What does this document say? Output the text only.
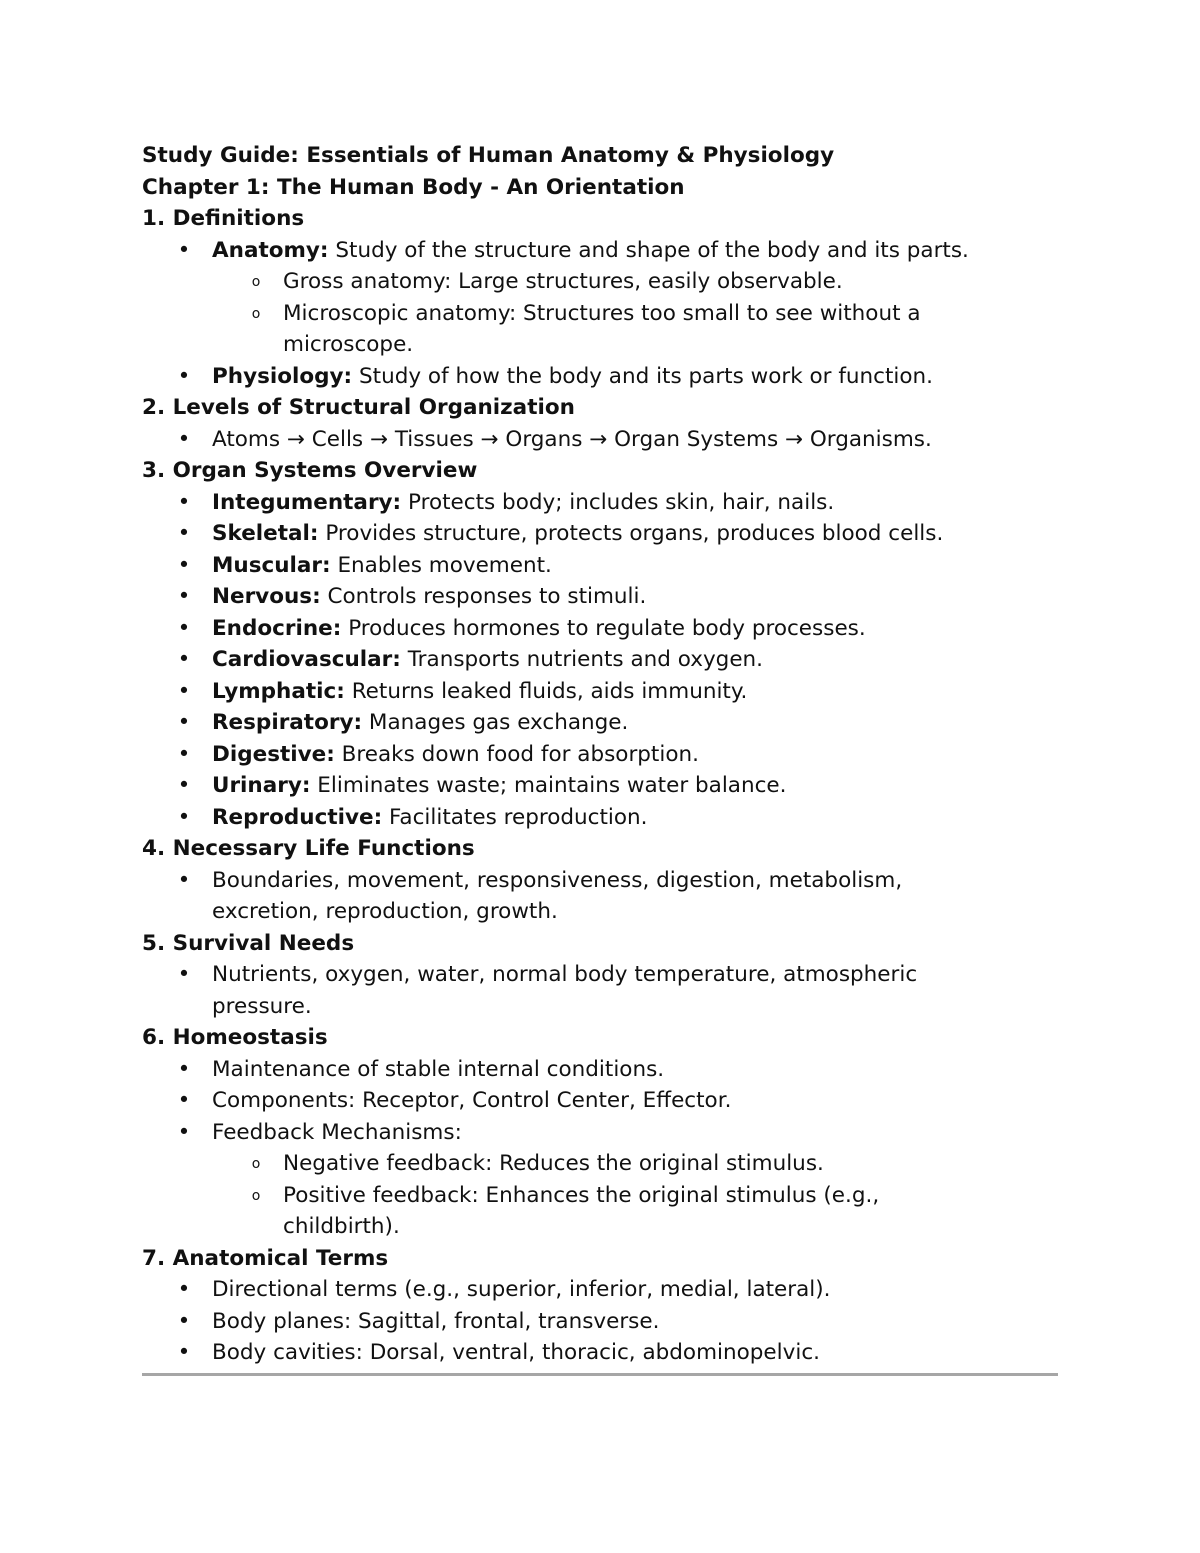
Study Guide: Essentials of Human Anatomy & Physiology
Chapter 1: The Human Body - An Orientation
1. Definitions
• Anatomy: Study of the structure and shape of the body and its parts.
o Gross anatomy: Large structures, easily observable.
o Microscopic anatomy: Structures too small to see without a
microscope.
• Physiology: Study of how the body and its parts work or function.
2. Levels of Structural Organization
• Atoms → Cells → Tissues → Organs → Organ Systems → Organisms.
3. Organ Systems Overview
• Integumentary: Protects body; includes skin, hair, nails.
• Skeletal: Provides structure, protects organs, produces blood cells.
• Muscular: Enables movement.
• Nervous: Controls responses to stimuli.
• Endocrine: Produces hormones to regulate body processes.
• Cardiovascular: Transports nutrients and oxygen.
• Lymphatic: Returns leaked fluids, aids immunity.
• Respiratory: Manages gas exchange.
• Digestive: Breaks down food for absorption.
• Urinary: Eliminates waste; maintains water balance.
• Reproductive: Facilitates reproduction.
4. Necessary Life Functions
• Boundaries, movement, responsiveness, digestion, metabolism,
excretion, reproduction, growth.
5. Survival Needs
• Nutrients, oxygen, water, normal body temperature, atmospheric
pressure.
6. Homeostasis
• Maintenance of stable internal conditions.
• Components: Receptor, Control Center, Effector.
• Feedback Mechanisms:
o Negative feedback: Reduces the original stimulus.
o Positive feedback: Enhances the original stimulus (e.g.,
childbirth).
7. Anatomical Terms
• Directional terms (e.g., superior, inferior, medial, lateral).
• Body planes: Sagittal, frontal, transverse.
• Body cavities: Dorsal, ventral, thoracic, abdominopelvic.
